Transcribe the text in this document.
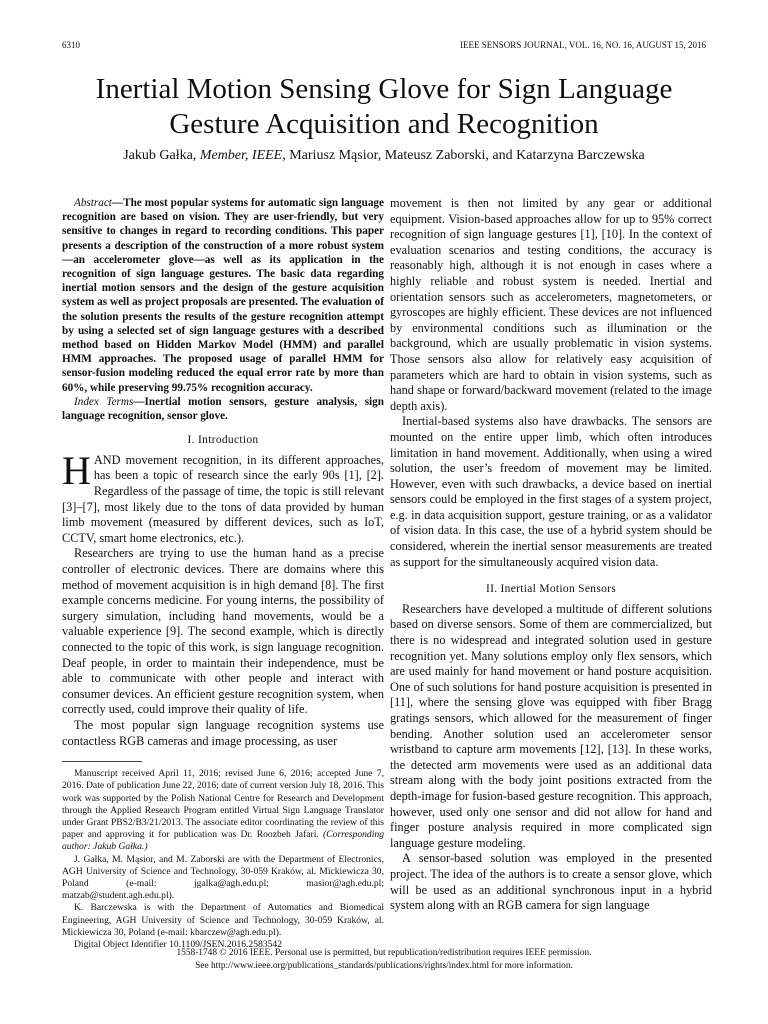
6310	IEEE SENSORS JOURNAL, VOL. 16, NO. 16, AUGUST 15, 2016
Inertial Motion Sensing Glove for Sign Language
Gesture Acquisition and Recognition
Jakub Gałka, Member, IEEE, Mariusz Mąsior, Mateusz Zaborski, and Katarzyna Barczewska

Abstract—The most popular systems for automatic sign language recognition are based on vision. They are user-friendly, but very sensitive to changes in regard to recording conditions. This paper presents a description of the construction of a more robust system—an accelerometer glove—as well as its application in the recognition of sign language gestures. The basic data regarding inertial motion sensors and the design of the gesture acquisition system as well as project proposals are presented. The evaluation of the solution presents the results of the gesture recognition attempt by using a selected set of sign language gestures with a described method based on Hidden Markov Model (HMM) and parallel HMM approaches. The proposed usage of parallel HMM for sensor-fusion modeling reduced the equal error rate by more than 60%, while preserving 99.75% recognition accuracy.

Index Terms—Inertial motion sensors, gesture analysis, sign language recognition, sensor glove.

I. Introduction

HAND movement recognition, in its different approaches, has been a topic of research since the early 90s [1], [2]. Regardless of the passage of time, the topic is still relevant [3]–[7], most likely due to the tons of data provided by human limb movement (measured by different devices, such as IoT, CCTV, smart home electronics, etc.).

Researchers are trying to use the human hand as a precise controller of electronic devices. There are domains where this method of movement acquisition is in high demand [8]. The first example concerns medicine. For young interns, the possibility of surgery simulation, including hand movements, would be a valuable experience [9]. The second example, which is directly connected to the topic of this work, is sign language recognition. Deaf people, in order to maintain their independence, must be able to communicate with other people and interact with consumer devices. An efficient gesture recognition system, when correctly used, could improve their quality of life.

The most popular sign language recognition systems use contactless RGB cameras and image processing, as user

Manuscript received April 11, 2016; revised June 6, 2016; accepted June 7, 2016. Date of publication June 22, 2016; date of current version July 18, 2016. This work was supported by the Polish National Centre for Research and Development through the Applied Research Program entitled Virtual Sign Language Translator under Grant PBS2/B3/21/2013. The associate editor coordinating the review of this paper and approving it for publication was Dr. Roozbeh Jafari. (Corresponding author: Jakub Gałka.)

J. Gałka, M. Mąsior, and M. Zaborski are with the Department of Electronics, AGH University of Science and Technology, 30-059 Kraków, al. Mickiewicza 30, Poland (e-mail: jgalka@agh.edu.pl; masior@agh.edu.pl; matzab@student.agh.edu.pl).

K. Barczewska is with the Department of Automatics and Biomedical Engineering, AGH University of Science and Technology, 30-059 Kraków, al. Mickiewicza 30, Poland (e-mail: kbarczew@agh.edu.pl).

Digital Object Identifier 10.1109/JSEN.2016.2583542

movement is then not limited by any gear or additional equipment. Vision-based approaches allow for up to 95% correct recognition of sign language gestures [1], [10]. In the context of evaluation scenarios and testing conditions, the accuracy is reasonably high, although it is not enough in cases where a highly reliable and robust system is needed. Inertial and orientation sensors such as accelerometers, magnetometers, or gyroscopes are highly efficient. These devices are not influenced by environmental conditions such as illumination or the background, which are usually problematic in vision systems. Those sensors also allow for relatively easy acquisition of parameters which are hard to obtain in vision systems, such as hand shape or forward/backward movement (related to the image depth axis).

Inertial-based systems also have drawbacks. The sensors are mounted on the entire upper limb, which often introduces limitation in hand movement. Additionally, when using a wired solution, the user’s freedom of movement may be limited. However, even with such drawbacks, a device based on inertial sensors could be employed in the first stages of a system project, e.g. in data acquisition support, gesture training, or as a validator of vision data. In this case, the use of a hybrid system should be considered, wherein the inertial sensor measurements are treated as support for the simultaneously acquired vision data.

II. Inertial Motion Sensors

Researchers have developed a multitude of different solutions based on diverse sensors. Some of them are commercialized, but there is no widespread and integrated solution used in gesture recognition yet. Many solutions employ only flex sensors, which are used mainly for hand movement or hand posture acquisition. One of such solutions for hand posture acquisition is presented in [11], where the sensing glove was equipped with fiber Bragg gratings sensors, which allowed for the measurement of finger bending. Another solution used an accelerometer sensor wristband to capture arm movements [12], [13]. In these works, the detected arm movements were used as an additional data stream along with the body joint positions extracted from the depth-image for fusion-based gesture recognition. This approach, however, used only one sensor and did not allow for hand and finger posture analysis required in more complicated sign language gesture modeling.

A sensor-based solution was employed in the presented project. The idea of the authors is to create a sensor glove, which will be used as an additional synchronous input in a hybrid system along with an RGB camera for sign language

1558-1748 © 2016 IEEE. Personal use is permitted, but republication/redistribution requires IEEE permission.
See http://www.ieee.org/publications_standards/publications/rights/index.html for more information.
